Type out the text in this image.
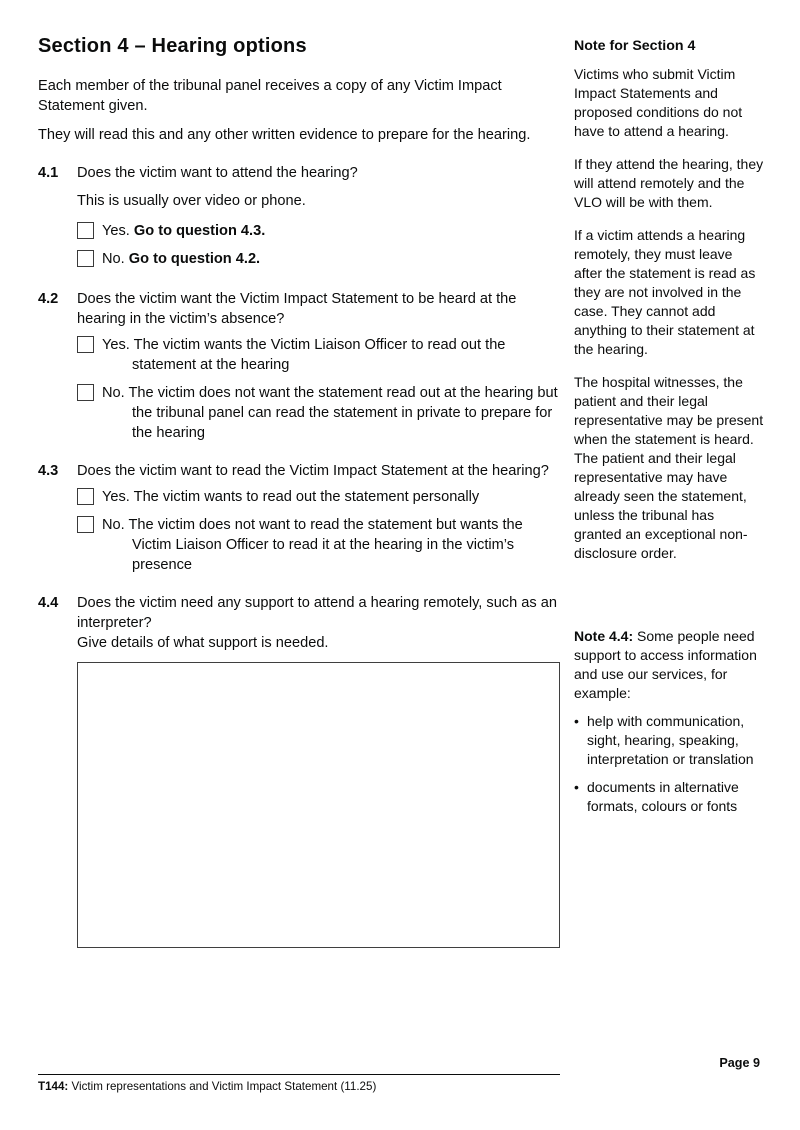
Section 4 – Hearing options

Each member of the tribunal panel receives a copy of any Victim Impact Statement given.

They will read this and any other written evidence to prepare for the hearing.

4.1	Does the victim want to attend the hearing?

This is usually over video or phone.

Yes. Go to question 4.3.
No. Go to question 4.2.
4.2	Does the victim want the Victim Impact Statement to be heard at the hearing in the victim’s absence?

Yes. The victim wants the Victim Liaison Officer to read out the statement at the hearing
No. The victim does not want the statement read out at the hearing but the tribunal panel can read the statement in private to prepare for the hearing
4.3	Does the victim want to read the Victim Impact Statement at the hearing?

Yes. The victim wants to read out the statement personally
No. The victim does not want to read the statement but wants the Victim Liaison Officer to read it at the hearing in the victim’s presence
4.4	Does the victim need any support to attend a hearing remotely, such as an interpreter?

Give details of what support is needed.

Note for Section 4

Victims who submit Victim Impact Statements and proposed conditions do not have to attend a hearing.

If they attend the hearing, they will attend remotely and the VLO will be with them.

If a victim attends a hearing remotely, they must leave after the statement is read as they are not involved in the case. They cannot add anything to their statement at the hearing.

The hospital witnesses, the patient and their legal representative may be present when the statement is heard. The patient and their legal representative may have already seen the statement, unless the tribunal has granted an exceptional non-disclosure order.

Note 4.4: Some people need support to access information and use our services, for example:

• help with communication, sight, hearing, speaking, interpretation or translation
• documents in alternative formats, colours or fonts
Page 9
T144: Victim representations and Victim Impact Statement (11.25)
